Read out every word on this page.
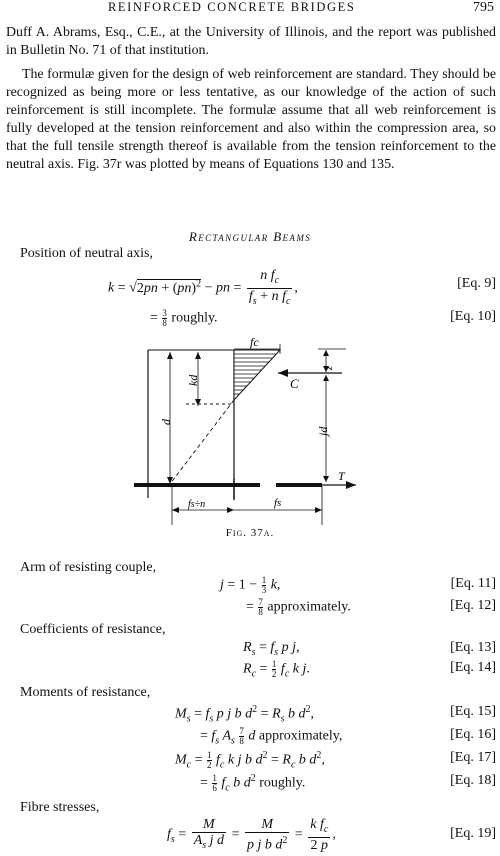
REINFORCED CONCRETE BRIDGES	795

Duff A. Abrams, Esq., C.E., at the University of Illinois, and the report was published in Bulletin No. 71 of that institution.

The formulæ given for the design of web reinforcement are standard. They should be recognized as being more or less tentative, as our knowledge of the action of such reinforcement is still incomplete. The formulæ assume that all web reinforcement is fully developed at the tension reinforcement and also within the compression area, so that the full tensile strength thereof is available from the tension reinforcement to the neutral axis. Fig. 37r was plotted by means of Equations 130 and 135.

Rectangular Beams
Position of neutral axis,
k = √2pn + (pn)$^2$ − pn = $\frac{n f_c}{f_s + n f_c}$ ,	[Eq. 9]
= $\frac{3}{8}$ roughly.	[Eq. 10]
fc
kd
d
fs÷n	fs
C
z
jd
T
Fig. 37a.
Arm of resisting couple,
$j = 1 - \frac{1}{3} k$,	[Eq. 11]
= $\frac{7}{8}$ approximately.	[Eq. 12]
Coefficients of resistance,
$R_s = f_s$ p j,	[Eq. 13]
$R_c = \frac{1}{2} f_c$ k j.	[Eq. 14]
Moments of resistance,
$M_s = f_s$ p j b $d^2 = R_s$ b $d^2$,	[Eq. 15]
= $f_s$ $A_s \frac{7}{8}$ d approximately,	[Eq. 16]
$M_c = \frac{1}{2} f_c$ k j b $d^2 = R_c$ b $d^2$,	[Eq. 17]
= $\frac{1}{6} f_c$ b $d^2$ roughly.	[Eq. 18]
Fibre stresses,
$f_s = \frac{M}{A_s j d} = \frac{M}{p j b d^2} = \frac{k f_c}{2 p}$ ,	[Eq. 19]
